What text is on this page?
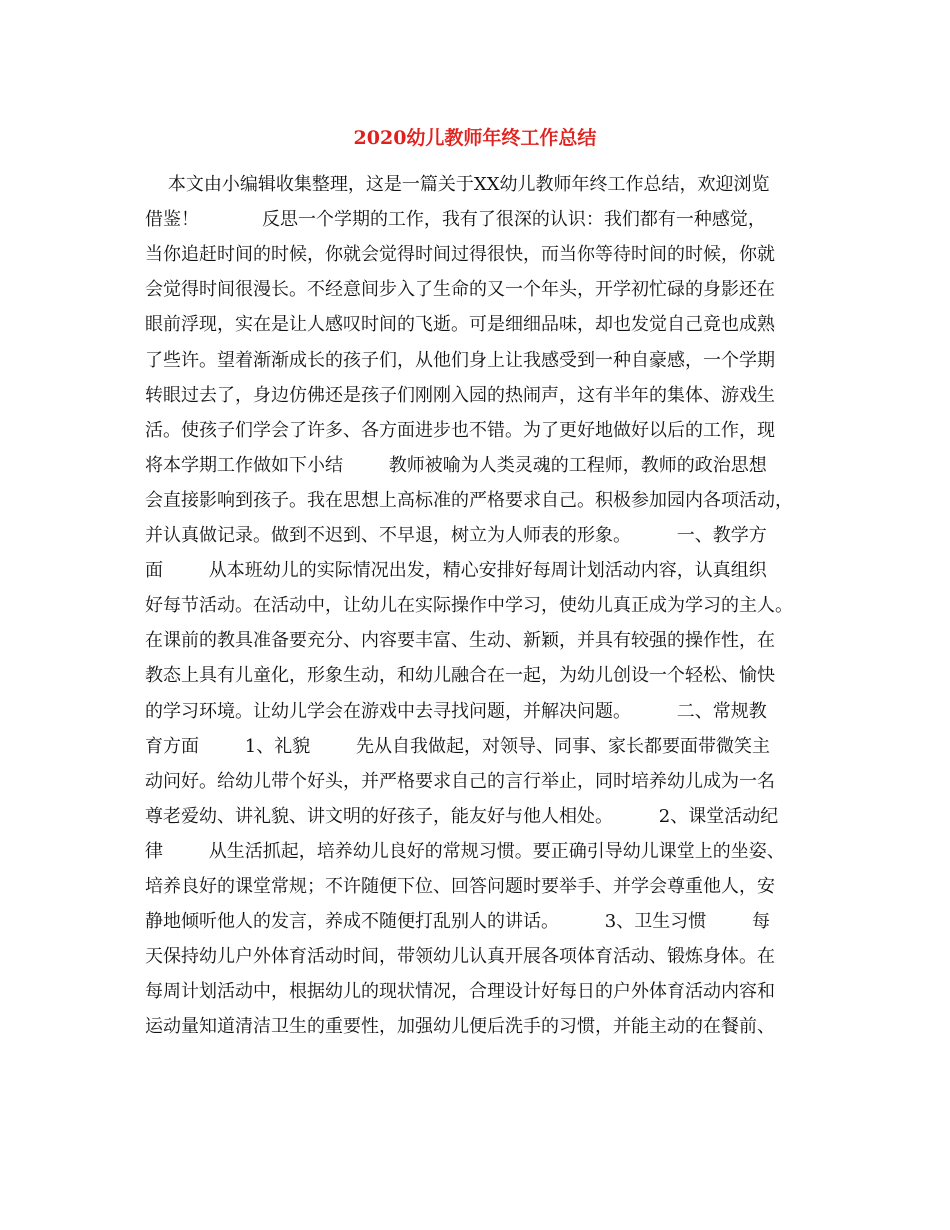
2020幼儿教师年终工作总结
本文由小编辑收集整理，这是一篇关于XX幼儿教师年终工作总结，欢迎浏览
借鉴！           反思一个学期的工作，我有了很深的认识：我们都有一种感觉，
当你追赶时间的时候，你就会觉得时间过得很快，而当你等待时间的时候，你就
会觉得时间很漫长。不经意间步入了生命的又一个年头，开学初忙碌的身影还在
眼前浮现，实在是让人感叹时间的飞逝。可是细细品味，却也发觉自己竟也成熟
了些许。望着渐渐成长的孩子们，从他们身上让我感受到一种自豪感，一个学期
转眼过去了，身边仿佛还是孩子们刚刚入园的热闹声，这有半年的集体、游戏生
活。使孩子们学会了许多、各方面进步也不错。为了更好地做好以后的工作，现
将本学期工作做如下小结        教师被喻为人类灵魂的工程师，教师的政治思想
会直接影响到孩子。我在思想上高标准的严格要求自己。积极参加园内各项活动，
并认真做记录。做到不迟到、不早退，树立为人师表的形象。        一、教学方
面        从本班幼儿的实际情况出发，精心安排好每周计划活动内容，认真组织
好每节活动。在活动中，让幼儿在实际操作中学习，使幼儿真正成为学习的主人。
在课前的教具准备要充分、内容要丰富、生动、新颖，并具有较强的操作性，在
教态上具有儿童化，形象生动，和幼儿融合在一起，为幼儿创设一个轻松、愉快
的学习环境。让幼儿学会在游戏中去寻找问题，并解决问题。        二、常规教
育方面        1、礼貌        先从自我做起，对领导、同事、家长都要面带微笑主
动问好。给幼儿带个好头，并严格要求自己的言行举止，同时培养幼儿成为一名
尊老爱幼、讲礼貌、讲文明的好孩子，能友好与他人相处。        2、课堂活动纪
律        从生活抓起，培养幼儿良好的常规习惯。要正确引导幼儿课堂上的坐姿、
培养良好的课堂常规；不许随便下位、回答问题时要举手、并学会尊重他人，安
静地倾听他人的发言，养成不随便打乱别人的讲话。        3、卫生习惯        每
天保持幼儿户外体育活动时间，带领幼儿认真开展各项体育活动、锻炼身体。在
每周计划活动中，根据幼儿的现状情况，合理设计好每日的户外体育活动内容和
运动量知道清洁卫生的重要性，加强幼儿便后洗手的习惯，并能主动的在餐前、
